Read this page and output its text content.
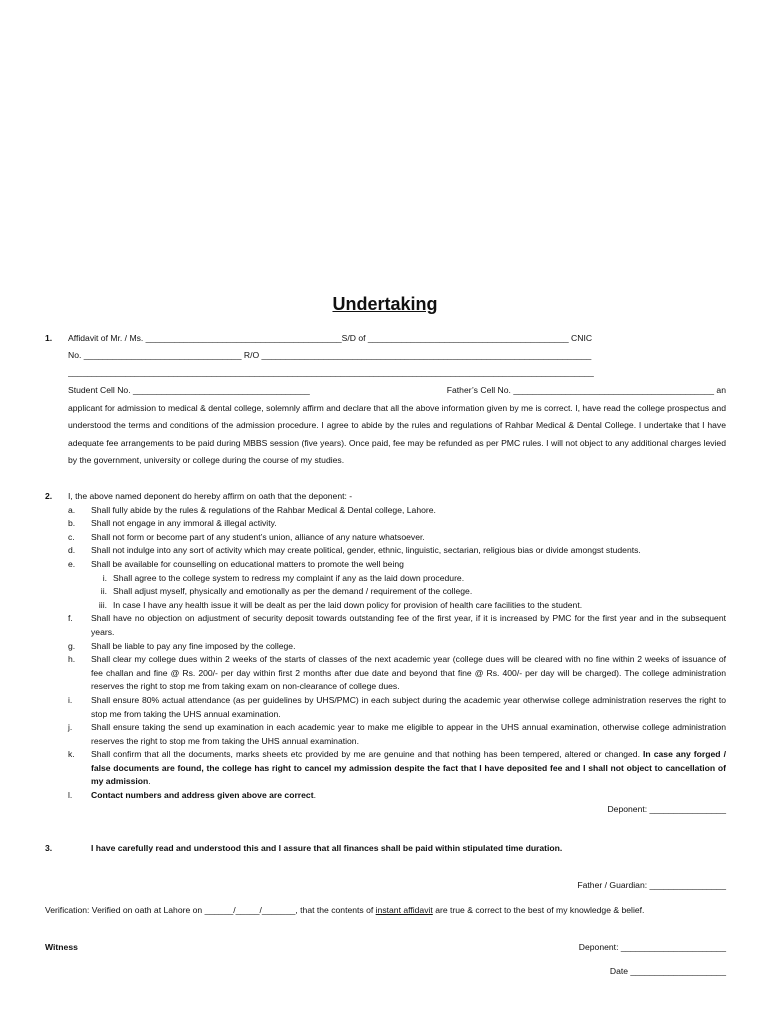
Undertaking
1. Affidavit of Mr. / Ms. _________________________________________S/D of __________________________________________ CNIC
No. _________________________________ R/O _____________________________________________________________________
______________________________________________________________________________________________________________
Student Cell No. _____________________________________	Father’s Cell No. __________________________________________ an
applicant for admission to medical & dental college, solemnly affirm and declare that all the above information given by me is correct. I, have read the college prospectus and understood the terms and conditions of the admission procedure. I agree to abide by the rules and regulations of Rahbar Medical & Dental College. I undertake that I have adequate fee arrangements to be paid during MBBS session (five years). Once paid, fee may be refunded as per PMC rules. I will not object to any additional charges levied by the government, university or college during the course of my studies.
2. I, the above named deponent do hereby affirm on oath that the deponent: -
a. Shall fully abide by the rules & regulations of the Rahbar Medical & Dental college, Lahore.
b. Shall not engage in any immoral & illegal activity.
c. Shall not form or become part of any student’s union, alliance of any nature whatsoever.
d. Shall not indulge into any sort of activity which may create political, gender, ethnic, linguistic, sectarian, religious bias or divide amongst students.
e. Shall be available for counselling on educational matters to promote the well being
i. Shall agree to the college system to redress my complaint if any as the laid down procedure.
ii. Shall adjust myself, physically and emotionally as per the demand / requirement of the college.
iii. In case I have any health issue it will be dealt as per the laid down policy for provision of health care facilities to the student.
f. Shall have no objection on adjustment of security deposit towards outstanding fee of the first year, if it is increased by PMC for the first year and in the subsequent years.
g. Shall be liable to pay any fine imposed by the college.
h. Shall clear my college dues within 2 weeks of the starts of classes of the next academic year (college dues will be cleared with no fine within 2 weeks of issuance of fee challan and fine @ Rs. 200/- per day within first 2 months after due date and beyond that fine @ Rs. 400/- per day will be charged). The college administration reserves the right to stop me from taking exam on non-clearance of college dues.
i. Shall ensure 80% actual attendance (as per guidelines by UHS/PMC) in each subject during the academic year otherwise college administration reserves the right to stop me from taking the UHS annual examination.
j. Shall ensure taking the send up examination in each academic year to make me eligible to appear in the UHS annual examination, otherwise college administration reserves the right to stop me from taking the UHS annual examination.
k. Shall confirm that all the documents, marks sheets etc provided by me are genuine and that nothing has been tempered, altered or changed. In case any forged / false documents are found, the college has right to cancel my admission despite the fact that I have deposited fee and I shall not object to cancellation of my admission.
l. Contact numbers and address given above are correct.
Deponent: ________________
3.	I have carefully read and understood this and I assure that all finances shall be paid within stipulated time duration.
Father / Guardian: ________________
Verification: Verified on oath at Lahore on ______/_____/_______, that the contents of instant affidavit are true & correct to the best of my knowledge & belief.
Witness	Deponent: ______________________
Date ____________________
